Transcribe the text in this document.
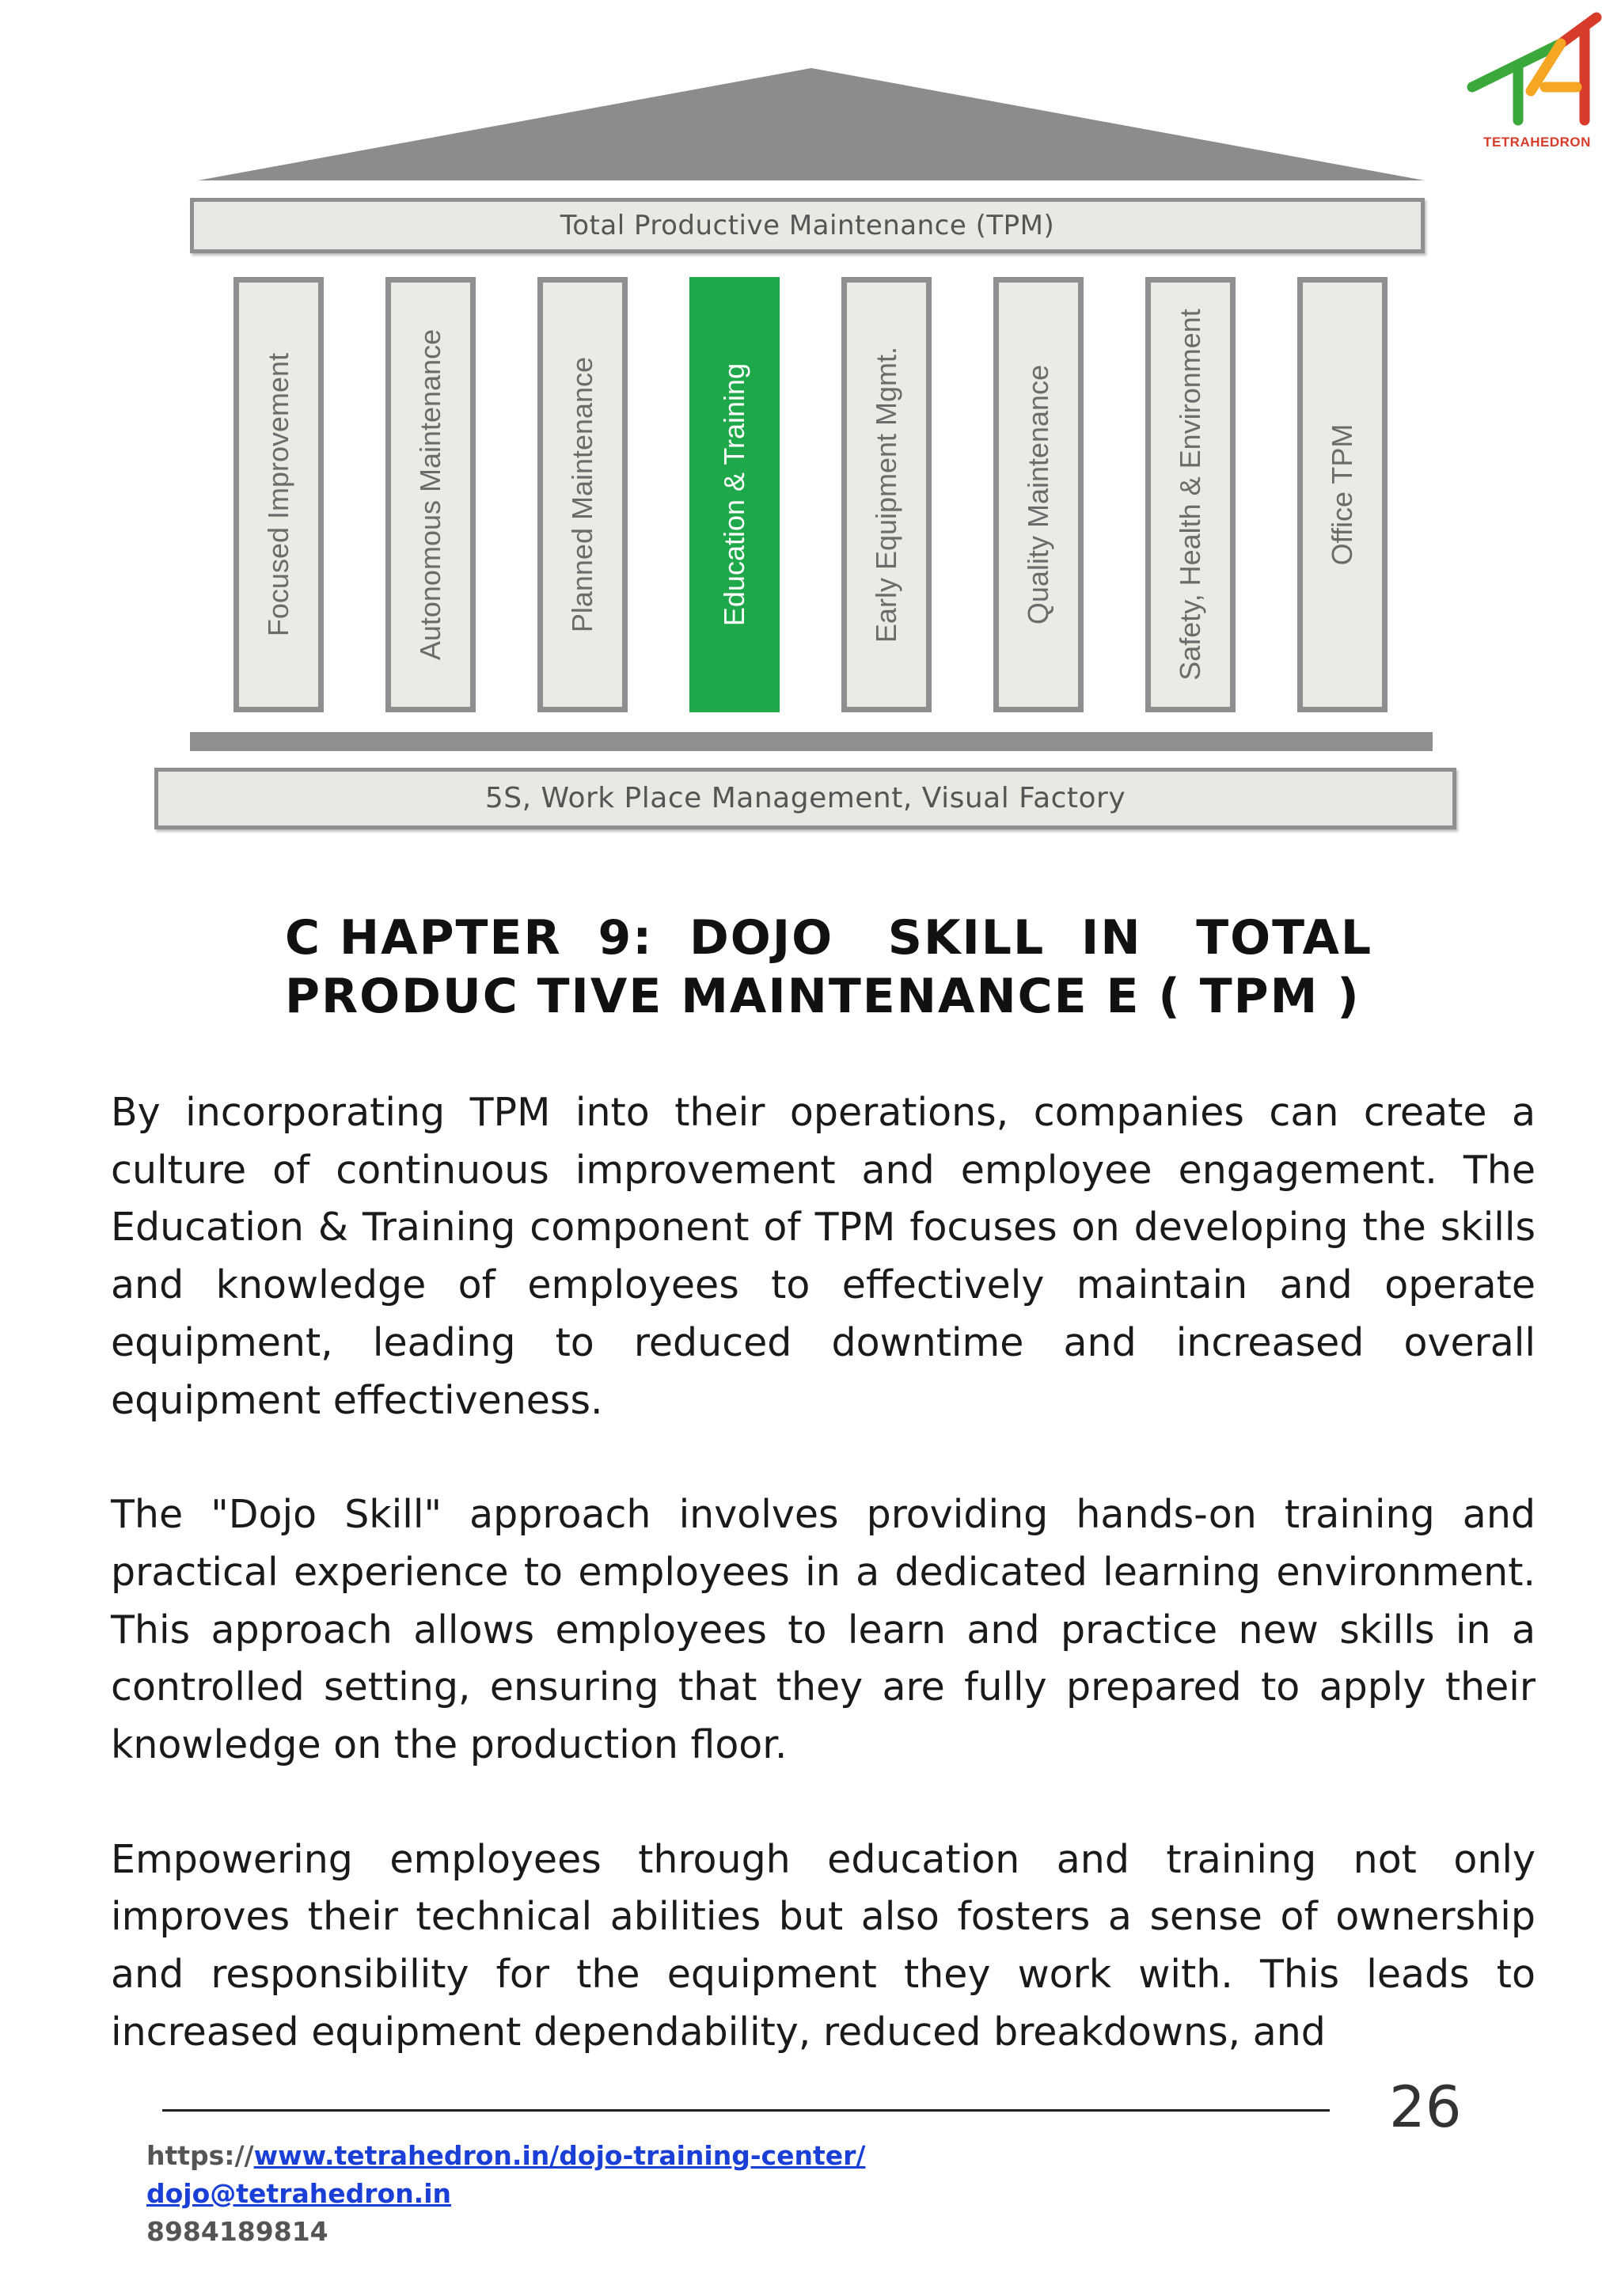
TETRAHEDRON
Total Productive Maintenance (TPM)
Focused Improvement	Autonomous Maintenance	Planned Maintenance	Education & Training	Early Equipment Mgmt.	Quality Maintenance	Safety, Health & Environment	Office TPM
5S, Work Place Management, Visual Factory
C HAPTER  9:  DOJO   SKILL  IN   TOTAL
PRODUC TIVE MAINTENANCE E ( TPM )

By incorporating TPM into their operations, companies can create a culture of continuous improvement and employee engagement. The Education & Training component of TPM focuses on developing the skills and knowledge of employees to effectively maintain and operate equipment, leading to reduced downtime and increased overall equipment effectiveness.

The "Dojo Skill" approach involves providing hands-on training and practical experience to employees in a dedicated learning environment. This approach allows employees to learn and practice new skills in a controlled setting, ensuring that they are fully prepared to apply their knowledge on the production floor.

Empowering employees through education and training not only improves their technical abilities but also fosters a sense of ownership and responsibility for the equipment they work with. This leads to increased equipment dependability, reduced breakdowns, and

26
https://www.tetrahedron.in/dojo-training-center/
dojo@tetrahedron.in
8984189814
